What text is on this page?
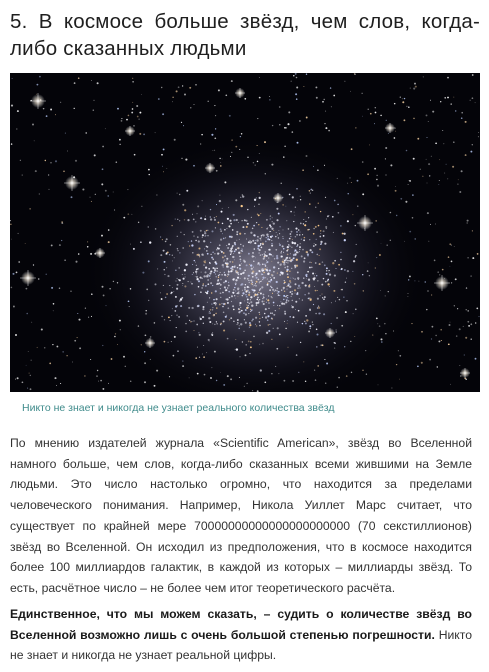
5. В космосе больше звёзд, чем слов, когда-либо сказанных людьми

Никто не знает и никогда не узнает реального количества звёзд

По мнению издателей журнала «Scientific American», звёзд во Вселенной намного больше, чем слов, когда-либо сказанных всеми жившими на Земле людьми. Это число настолько огромно, что находится за пределами человеческого понимания. Например, Никола Уиллет Марс считает, что существует по крайней мере 70000000000000000000000 (70 секстиллионов) звёзд во Вселенной. Он исходил из предположения, что в космосе находится более 100 миллиардов галактик, в каждой из которых – миллиарды звёзд. То есть, расчётное число – не более чем итог теоретического расчёта.

Единственное, что мы можем сказать, – судить о количестве звёзд во Вселенной возможно лишь с очень большой степенью погрешности. Никто не знает и никогда не узнает реальной цифры.
